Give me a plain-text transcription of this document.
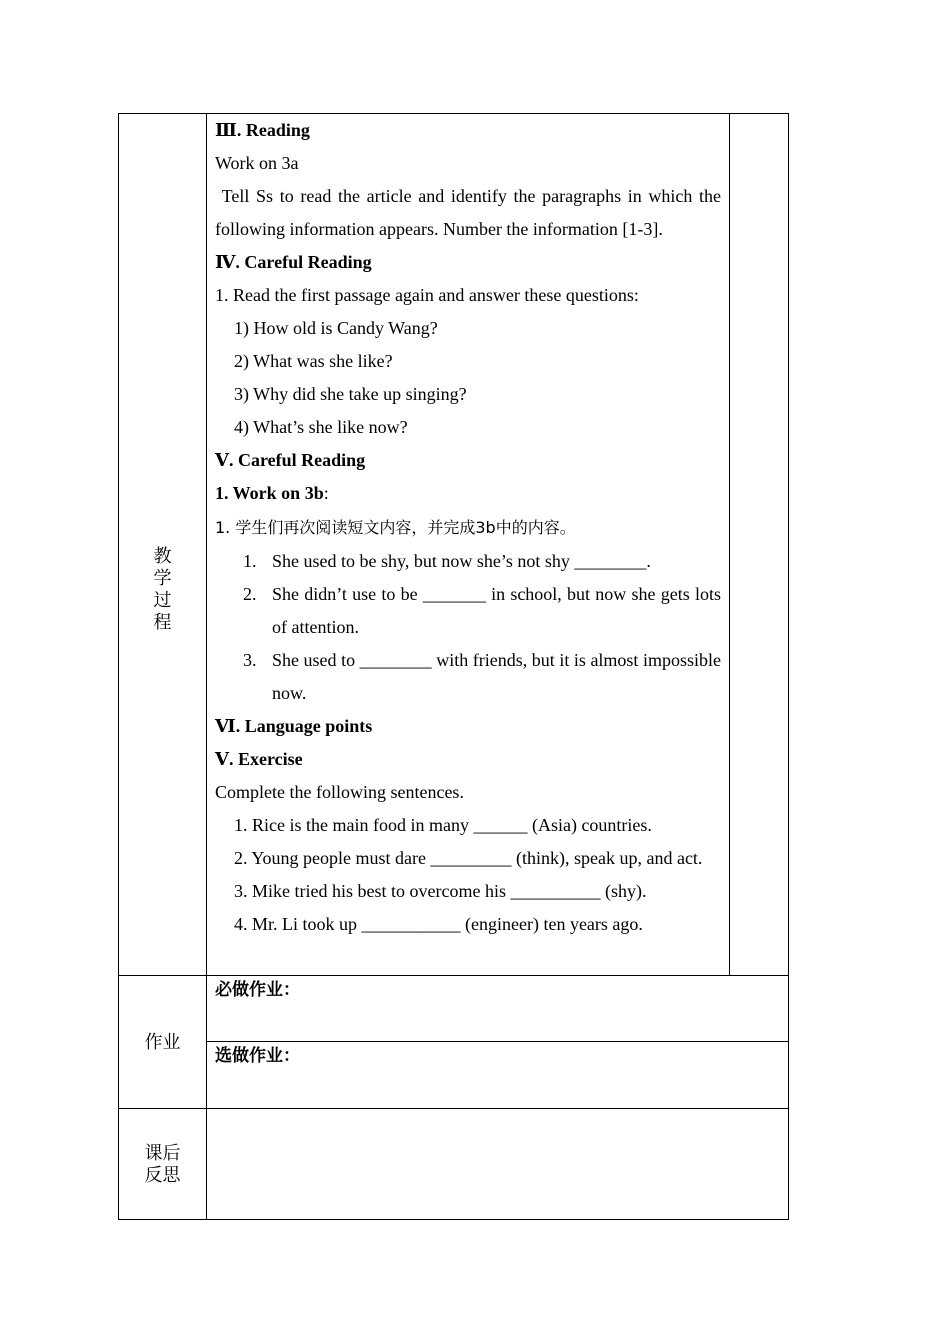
教
学
过
程

Ⅲ. Reading

Work on 3a

Tell Ss to read the article and identify the paragraphs in which the following information appears. Number the information [1-3].

Ⅳ. Careful Reading

1. Read the first passage again and answer these questions:

1) How old is Candy Wang?

2) What was she like?

3) Why did she take up singing?

4) What’s she like now?

Ⅴ. Careful Reading

1. Work on 3b:

1. 学生们再次阅读短文内容，并完成3b中的内容。

1. She used to be shy, but now she’s not shy ________.
2. She didn’t use to be _______ in school, but now she gets lots of attention.
3. She used to ________ with friends, but it is almost impossible now.

Ⅵ. Language points

Ⅴ. Exercise

Complete the following sentences.

1. Rice is the main food in many ______ (Asia) countries.

2. Young people must dare _________ (think), speak up, and act.

3. Mike tried his best to overcome his __________ (shy).

4. Mr. Li took up ___________ (engineer) ten years ago.

作业
必做作业：
选做作业：
课后
反思
